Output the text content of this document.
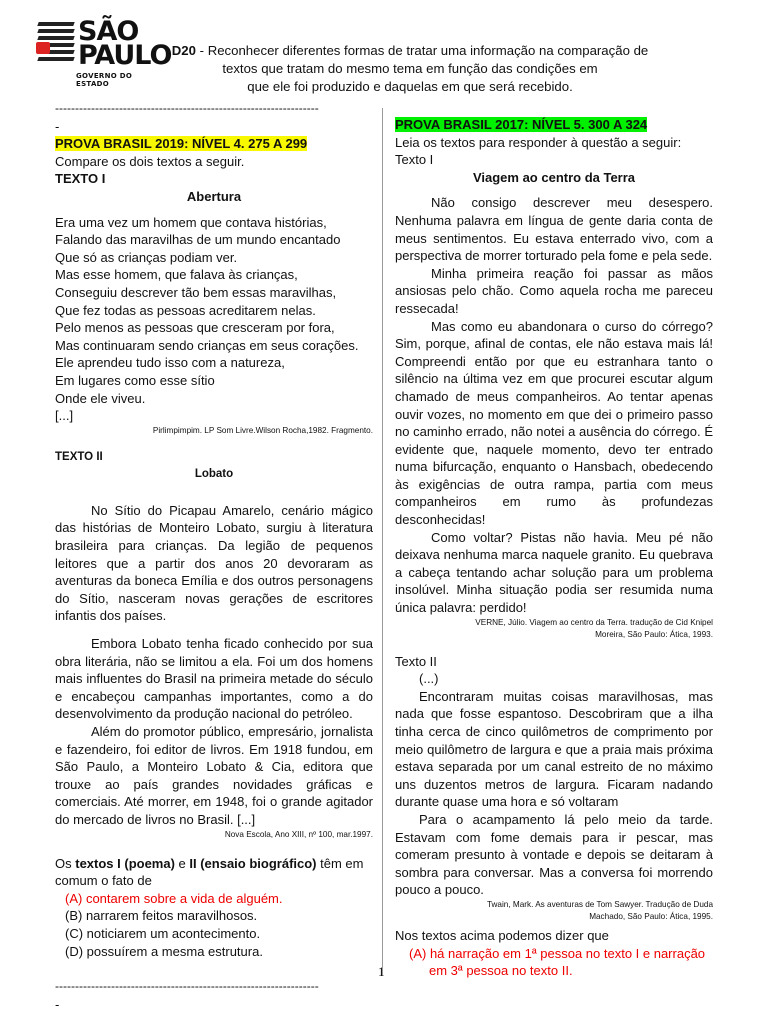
SÃO
PAULO
GOVERNO DO ESTADO
D20 - Reconhecer diferentes formas de tratar uma informação na comparação de
textos que tratam do mesmo tema em função das condições em
que ele foi produzido e daquelas em que será recebido.
------------------------------------------------------------------
-
PROVA BRASIL 2019: NÍVEL 4. 275 A 299
Compare os dois textos a seguir.
TEXTO I
Abertura
Era uma vez um homem que contava histórias,
Falando das maravilhas de um mundo encantado
Que só as crianças podiam ver.
Mas esse homem, que falava às crianças,
Conseguiu descrever tão bem essas maravilhas,
Que fez todas as pessoas acreditarem nelas.
Pelo menos as pessoas que cresceram por fora,
Mas continuaram sendo crianças em seus corações.
Ele aprendeu tudo isso com a natureza,
Em lugares como esse sítio
Onde ele viveu.
[...]
Pirlimpimpim. LP Som Livre.Wilson Rocha,1982. Fragmento.
TEXTO II
Lobato
No Sítio do Picapau Amarelo, cenário mágico das histórias de Monteiro Lobato, surgiu à literatura brasileira para crianças. Da legião de pequenos leitores que a partir dos anos 20 devoraram as aventuras da boneca Emília e dos outros personagens do Sítio, nasceram novas gerações de escritores infantis dos países.
Embora Lobato tenha ficado conhecido por sua obra literária, não se limitou a ela. Foi um dos homens mais influentes do Brasil na primeira metade do século e encabeçou campanhas importantes, como a do desenvolvimento da produção nacional do petróleo.
Além do promotor público, empresário, jornalista e fazendeiro, foi editor de livros. Em 1918 fundou, em São Paulo, a Monteiro Lobato & Cia, editora que trouxe ao país grandes novidades gráficas e comerciais. Até morrer, em 1948, foi o grande agitador do mercado de livros no Brasil. [...]
Nova Escola, Ano XIII, nº 100, mar.1997.
Os textos I (poema) e II (ensaio biográfico) têm em comum o fato de
(A) contarem sobre a vida de alguém.
(B) narrarem feitos maravilhosos.
(C) noticiarem um acontecimento.
(D) possuírem a mesma estrutura.
------------------------------------------------------------------
-
PROVA BRASIL 2017: NÍVEL 5. 300 A 324
Leia os textos para responder à questão a seguir:
Texto I
Viagem ao centro da Terra
Não consigo descrever meu desespero. Nenhuma palavra em língua de gente daria conta de meus sentimentos. Eu estava enterrado vivo, com a perspectiva de morrer torturado pela fome e pela sede.
Minha primeira reação foi passar as mãos ansiosas pelo chão. Como aquela rocha me pareceu ressecada!
Mas como eu abandonara o curso do córrego? Sim, porque, afinal de contas, ele não estava mais lá! Compreendi então por que eu estranhara tanto o silêncio na última vez em que procurei escutar algum chamado de meus companheiros. Ao tentar apenas ouvir vozes, no momento em que dei o primeiro passo no caminho errado, não notei a ausência do córrego. É evidente que, naquele momento, devo ter entrado numa bifurcação, enquanto o Hansbach, obedecendo às exigências de outra rampa, partia com meus companheiros em rumo às profundezas desconhecidas!
Como voltar? Pistas não havia. Meu pé não deixava nenhuma marca naquele granito. Eu quebrava a cabeça tentando achar solução para um problema insolúvel. Minha situação podia ser resumida numa única palavra: perdido!
VERNE, Júlio. Viagem ao centro da Terra. tradução de Cid Knipel
Moreira, São Paulo: Ática, 1993.
Texto II
(...)
Encontraram muitas coisas maravilhosas, mas nada que fosse espantoso. Descobriram que a ilha tinha cerca de cinco quilômetros de comprimento por meio quilômetro de largura e que a praia mais próxima estava separada por um canal estreito de no máximo uns duzentos metros de largura. Ficaram nadando durante quase uma hora e só voltaram
Para o acampamento lá pelo meio da tarde. Estavam com fome demais para ir pescar, mas comeram presunto à vontade e depois se deitaram à sombra para conversar. Mas a conversa foi morrendo pouco a pouco.
Twain, Mark. As aventuras de Tom Sawyer. Tradução de Duda
Machado, São Paulo: Ática, 1995.
Nos textos acima podemos dizer que
(A) há narração em 1ª pessoa no texto I e narração
em 3ª pessoa no texto II.
1
